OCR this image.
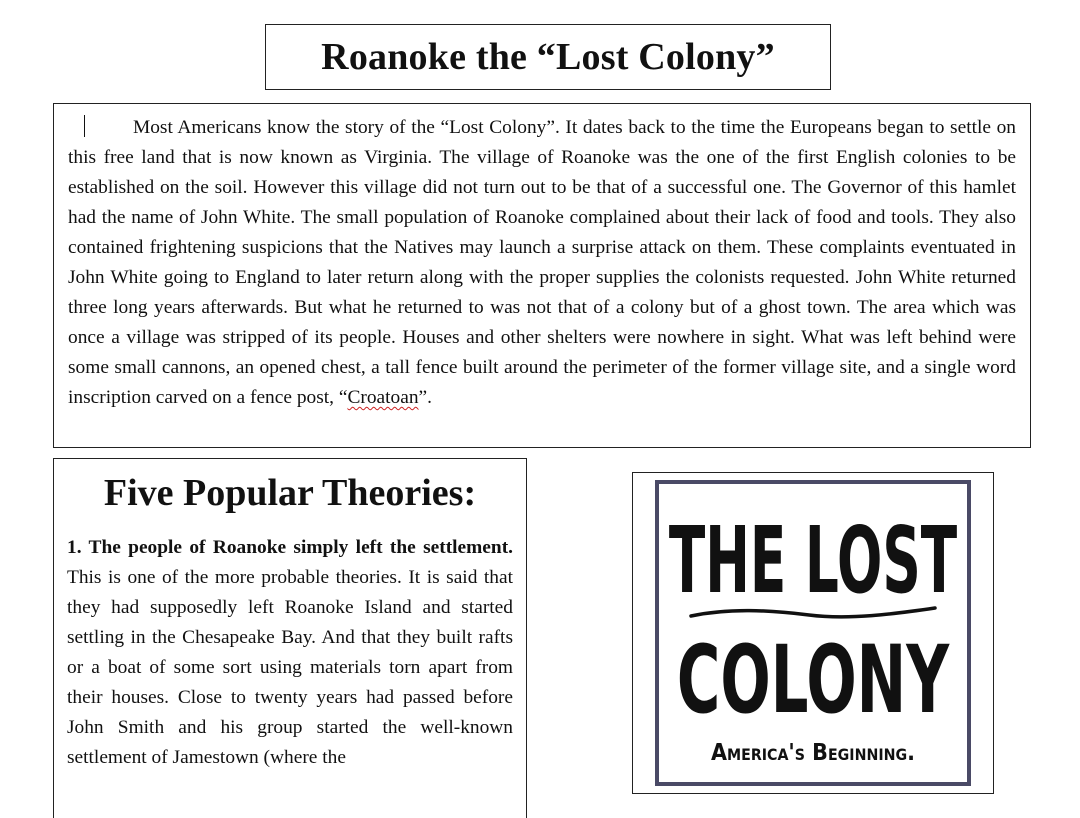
Roanoke the “Lost Colony”

Most Americans know the story of the “Lost Colony”. It dates back to the time the Europeans began to settle on this free land that is now known as Virginia. The village of Roanoke was the one of the first English colonies to be established on the soil. However this village did not turn out to be that of a successful one. The Governor of this hamlet had the name of John White. The small population of Roanoke complained about their lack of food and tools. They also contained frightening suspicions that the Natives may launch a surprise attack on them. These complaints eventuated in John White going to England to later return along with the proper supplies the colonists requested. John White returned three long years afterwards. But what he returned to was not that of a colony but of a ghost town. The area which was once a village was stripped of its people. Houses and other shelters were nowhere in sight. What was left behind were some small cannons, an opened chest, a tall fence built around the perimeter of the former village site, and a single word inscription carved on a fence post, “Croatoan”.

Five Popular Theories:

1. The people of Roanoke simply left the settlement. This is one of the more probable theories. It is said that they had supposedly left Roanoke Island and started settling in the Chesapeake Bay. And that they built rafts or a boat of some sort using materials torn apart from their houses. Close to twenty years had passed before John Smith and his group started the well-known settlement of Jamestown (where the

THE LOST
COLONY
America's Beginning.
